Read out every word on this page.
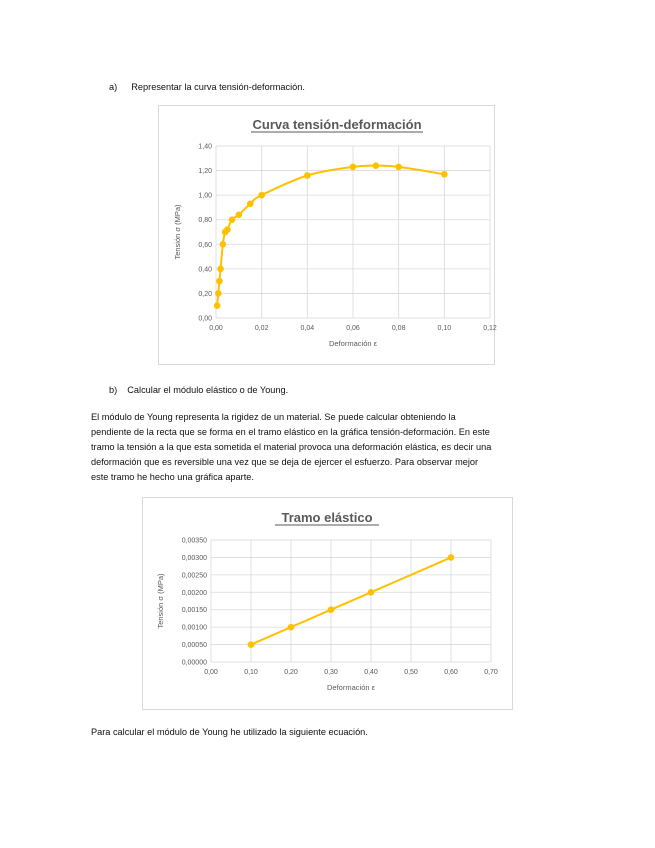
a) Representar la curva tensión-deformación.

Curva tensión-deformación
0,00
0,20
0,40
0,60
0,80
1,00
1,20
1,40
0,00	0,02	0,04	0,06	0,08	0,10	0,12
Deformación ε
Tensión σ (MPa)

b) Calcular el módulo elástico o de Young.

El módulo de Young representa la rigidez de un material. Se puede calcular obteniendo la
pendiente de la recta que se forma en el tramo elástico en la gráfica tensión-deformación. En este
tramo la tensión a la que esta sometida el material provoca una deformación elástica, es decir una
deformación que es reversible una vez que se deja de ejercer el esfuerzo. Para observar mejor
este tramo he hecho una gráfica aparte.
Tramo elástico
0,00000
0,00050
0,00100
0,00150
0,00200
0,00250
0,00300
0,00350
0,00	0,10	0,20	0,30	0,40	0,50	0,60	0,70
Deformación ε
Tensión σ (MPa)

Para calcular el módulo de Young he utilizado la siguiente ecuación.
